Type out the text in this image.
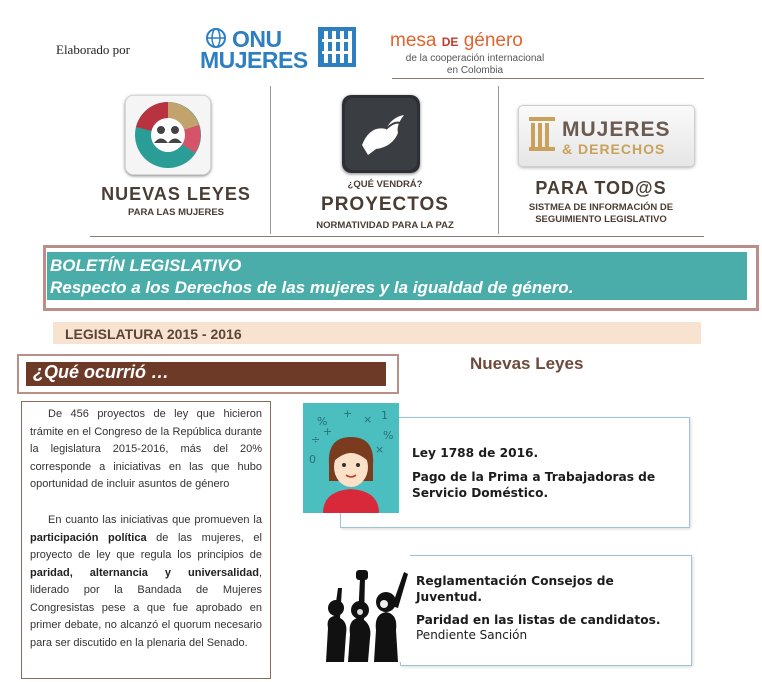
Elaborado por	ONU
MUJERES
mesa DE género
de la cooperación internacional
en Colombia
NUEVAS LEYES
PARA LAS MUJERES
¿QUÉ VENDRÁ?
PROYECTOS
NORMATIVIDAD PARA LA PAZ
MUJERES
& DERECHOS
PARA TOD@S
SISTMEA DE INFORMACIÓN DE
SEGUIMIENTO LEGISLATIVO
BOLETÍN LEGISLATIVO
Respecto a los Derechos de las mujeres y la igualdad de género.
LEGISLATURA 2015 - 2016
¿Qué ocurrió …	Nuevas Leyes
De 456 proyectos de ley que hicieron trámite en el Congreso de la República durante la legislatura 2015-2016, más del 20% corresponde a iniciativas en las que hubo oportunidad de incluir asuntos de género
En cuanto las iniciativas que promueven la participación política de las mujeres, el proyecto de ley que regula los principios de paridad, alternancia y universalidad, liderado por la Bandada de Mujeres Congresistas pese a que fue aprobado en primer debate, no alcanzó el quorum necesario para ser discutido en la plenaria del Senado.
%
+ × 1
÷
0
%
×
+
Ley 1788 de 2016.
Pago de la Prima a Trabajadoras de
Servicio Doméstico.
Reglamentación Consejos de
Juventud.
Paridad en las listas de candidatos.
Pendiente Sanción
